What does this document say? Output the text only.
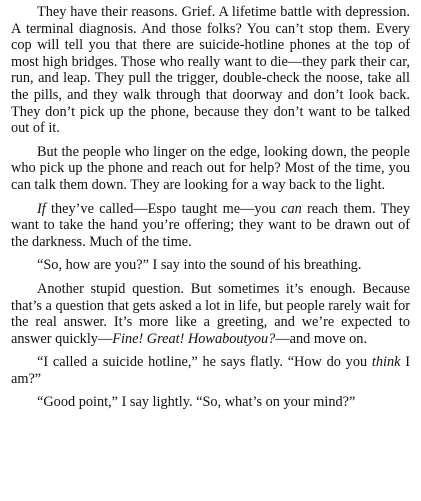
They have their reasons. Grief. A lifetime battle with depression. A terminal diagnosis. And those folks? You can’t stop them. Every cop will tell you that there are suicide-hotline phones at the top of most high bridges. Those who really want to die—they park their car, run, and leap. They pull the trigger, double-check the noose, take all the pills, and they walk through that doorway and don’t look back. They don’t pick up the phone, because they don’t want to be talked out of it.

But the people who linger on the edge, looking down, the people who pick up the phone and reach out for help? Most of the time, you can talk them down. They are looking for a way back to the light.

If they’ve called—Espo taught me—you can reach them. They want to take the hand you’re offering; they want to be drawn out of the darkness. Much of the time.

“So, how are you?” I say into the sound of his breathing.

Another stupid question. But sometimes it’s enough. Because that’s a question that gets asked a lot in life, but people rarely wait for the real answer. It’s more like a greeting, and we’re expected to answer quickly—Fine! Great! Howaboutyou?—and move on.

“I called a suicide hotline,” he says flatly. “How do you think I am?”

“Good point,” I say lightly. “So, what’s on your mind?”
